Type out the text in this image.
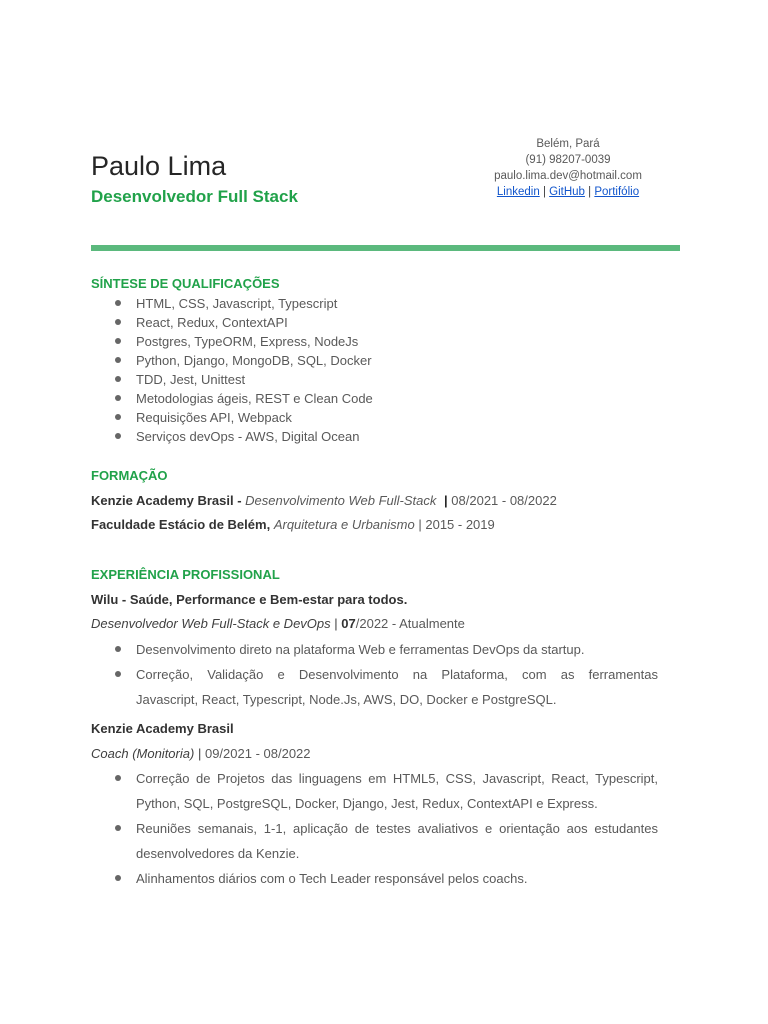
Paulo Lima
Desenvolvedor Full Stack
Belém, Pará
(91) 98207-0039
paulo.lima.dev@hotmail.com
Linkedin | GitHub | Portifólio
SÍNTESE DE QUALIFICAÇÕES
HTML, CSS, Javascript, Typescript
React, Redux, ContextAPI
Postgres, TypeORM, Express, NodeJs
Python, Django, MongoDB, SQL, Docker
TDD, Jest, Unittest
Metodologias ágeis, REST e Clean Code
Requisições API, Webpack
Serviços devOps - AWS, Digital Ocean
FORMAÇÃO
Kenzie Academy Brasil - Desenvolvimento Web Full-Stack | 08/2021 - 08/2022
Faculdade Estácio de Belém, Arquitetura e Urbanismo | 2015 - 2019
EXPERIÊNCIA PROFISSIONAL
Wilu - Saúde, Performance e Bem-estar para todos.
Desenvolvedor Web Full-Stack e DevOps | 07/2022 - Atualmente
Desenvolvimento direto na plataforma Web e ferramentas DevOps da startup.
Correção, Validação e Desenvolvimento na Plataforma, com as ferramentas
Javascript, React, Typescript, Node.Js, AWS, DO, Docker e PostgreSQL.
Kenzie Academy Brasil
Coach (Monitoria) | 09/2021 - 08/2022
Correção de Projetos das linguagens em HTML5, CSS, Javascript, React, Typescript,
Python, SQL, PostgreSQL, Docker, Django, Jest, Redux, ContextAPI e Express.
Reuniões semanais, 1-1, aplicação de testes avaliativos e orientação aos estudantes
desenvolvedores da Kenzie.
Alinhamentos diários com o Tech Leader responsável pelos coachs.
